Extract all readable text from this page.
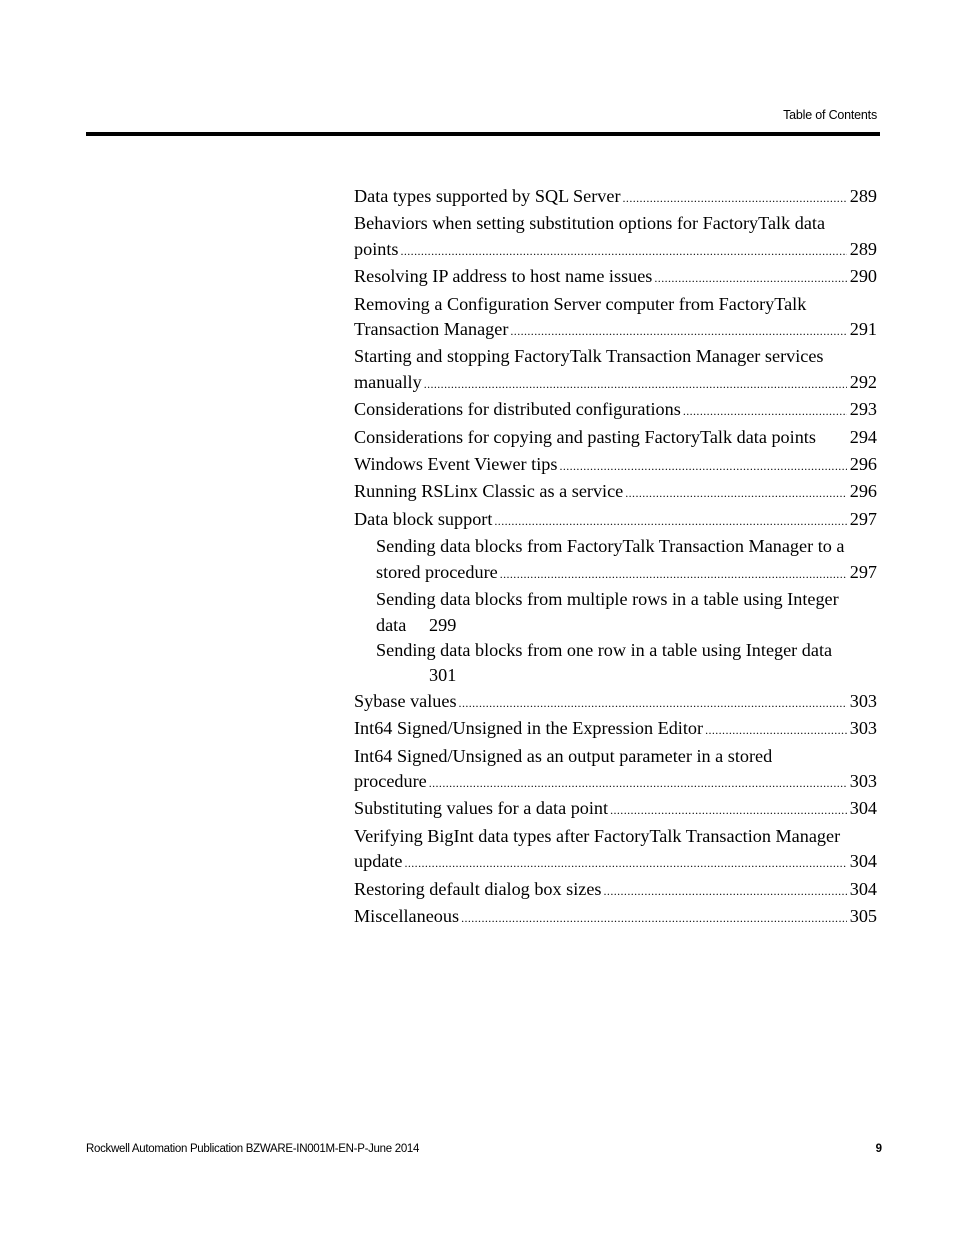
Table of Contents
Data types supported by SQL Server .....	289
Behaviors when setting substitution options for FactoryTalk data
points .....	289
Resolving IP address to host name issues .....	290
Removing a Configuration Server computer from FactoryTalk
Transaction Manager .....	291
Starting and stopping FactoryTalk Transaction Manager services
manually .....	292
Considerations for distributed configurations .....	293
Considerations for copying and pasting FactoryTalk data points 294
Windows Event Viewer tips .....	296
Running RSLinx Classic as a service .....	296
Data block support .....	297
Sending data blocks from FactoryTalk Transaction Manager to a
stored procedure .....	297
Sending data blocks from multiple rows in a table using Integer
data 299
Sending data blocks from one row in a table using Integer data
301
Sybase values .....	303
Int64 Signed/Unsigned in the Expression Editor .....	303
Int64 Signed/Unsigned as an output parameter in a stored
procedure .....	303
Substituting values for a data point .....	304
Verifying BigInt data types after FactoryTalk Transaction Manager
update .....	304
Restoring default dialog box sizes .....	304
Miscellaneous .....	305
Rockwell Automation Publication BZWARE-IN001M-EN-P-June 2014	9
